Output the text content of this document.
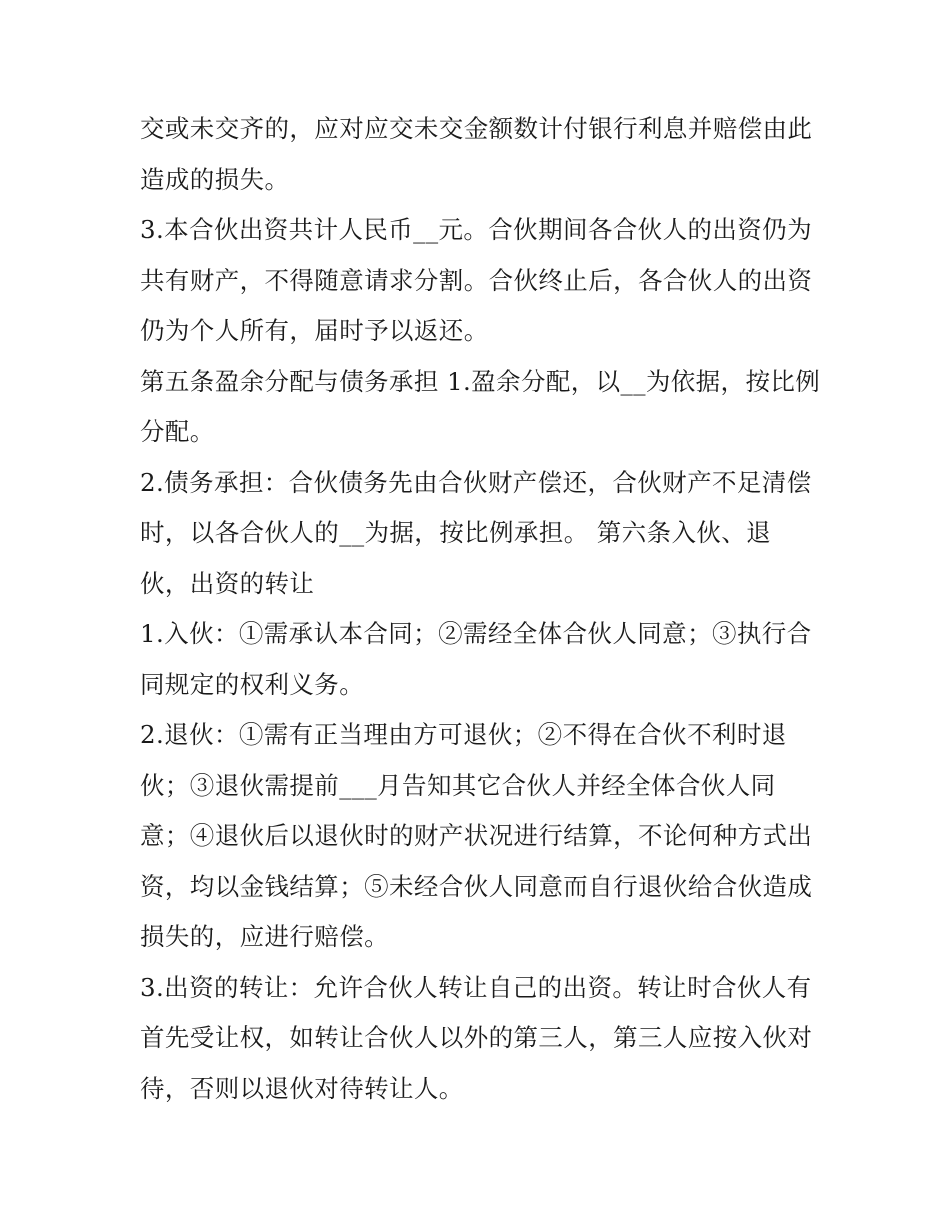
交或未交齐的，应对应交未交金额数计付银行利息并赔偿由此
造成的损失。
3.本合伙出资共计人民币__元。合伙期间各合伙人的出资仍为
共有财产，不得随意请求分割。合伙终止后，各合伙人的出资
仍为个人所有，届时予以返还。
第五条盈余分配与债务承担 1.盈余分配，以__为依据，按比例
分配。
2.债务承担：合伙债务先由合伙财产偿还，合伙财产不足清偿
时，以各合伙人的__为据，按比例承担。 第六条入伙、退
伙，出资的转让
1.入伙：①需承认本合同；②需经全体合伙人同意；③执行合
同规定的权利义务。
2.退伙：①需有正当理由方可退伙；②不得在合伙不利时退
伙；③退伙需提前___月告知其它合伙人并经全体合伙人同
意；④退伙后以退伙时的财产状况进行结算，不论何种方式出
资，均以金钱结算；⑤未经合伙人同意而自行退伙给合伙造成
损失的，应进行赔偿。
3.出资的转让：允许合伙人转让自己的出资。转让时合伙人有
首先受让权，如转让合伙人以外的第三人，第三人应按入伙对
待，否则以退伙对待转让人。
